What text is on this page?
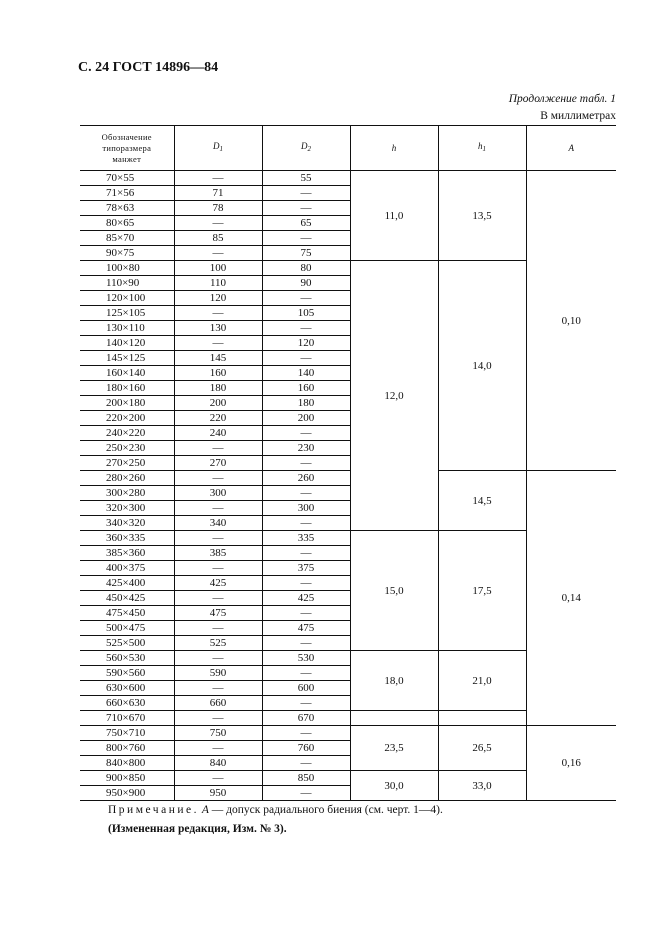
С. 24 ГОСТ 14896—84
Продолжение табл. 1
В миллиметрах
Обозначение
типоразмера
манжет	$D_1$	$D_2$	h	$h_1$	А
70×55	—	55	11,0	13,5	0,10
71×56	71	—			
78×63	78	—			
80×65	—	65			
85×70	85	—			
90×75	—	75			
100×80	100	80	12,0	14,0	
110×90	110	90			
120×100	120	—			
125×105	—	105			
130×110	130	—			
140×120	—	120			
145×125	145	—			
160×140	160	140			
180×160	180	160			
200×180	200	180			
220×200	220	200			
240×220	240	—			
250×230	—	230			
270×250	270	—			
280×260	—	260		14,5	0,14
300×280	300	—			
320×300	—	300			
340×320	340	—			
360×335	—	335	15,0	17,5	
385×360	385	—			
400×375	—	375			
425×400	425	—			
450×425	—	425			
475×450	475	—			
500×475	—	475			
525×500	525	—			
560×530	—	530	18,0	21,0	
590×560	590	—			
630×600	—	600			
660×630	660	—			
710×670	—	670			
750×710	750	—	23,5	26,5	0,16
800×760	—	760			
840×800	840	—			
900×850	—	850	30,0	33,0	
950×900	950	—			
Примечание. А — допуск радиального биения (см. черт. 1—4).
(Измененная редакция, Изм. № 3).
